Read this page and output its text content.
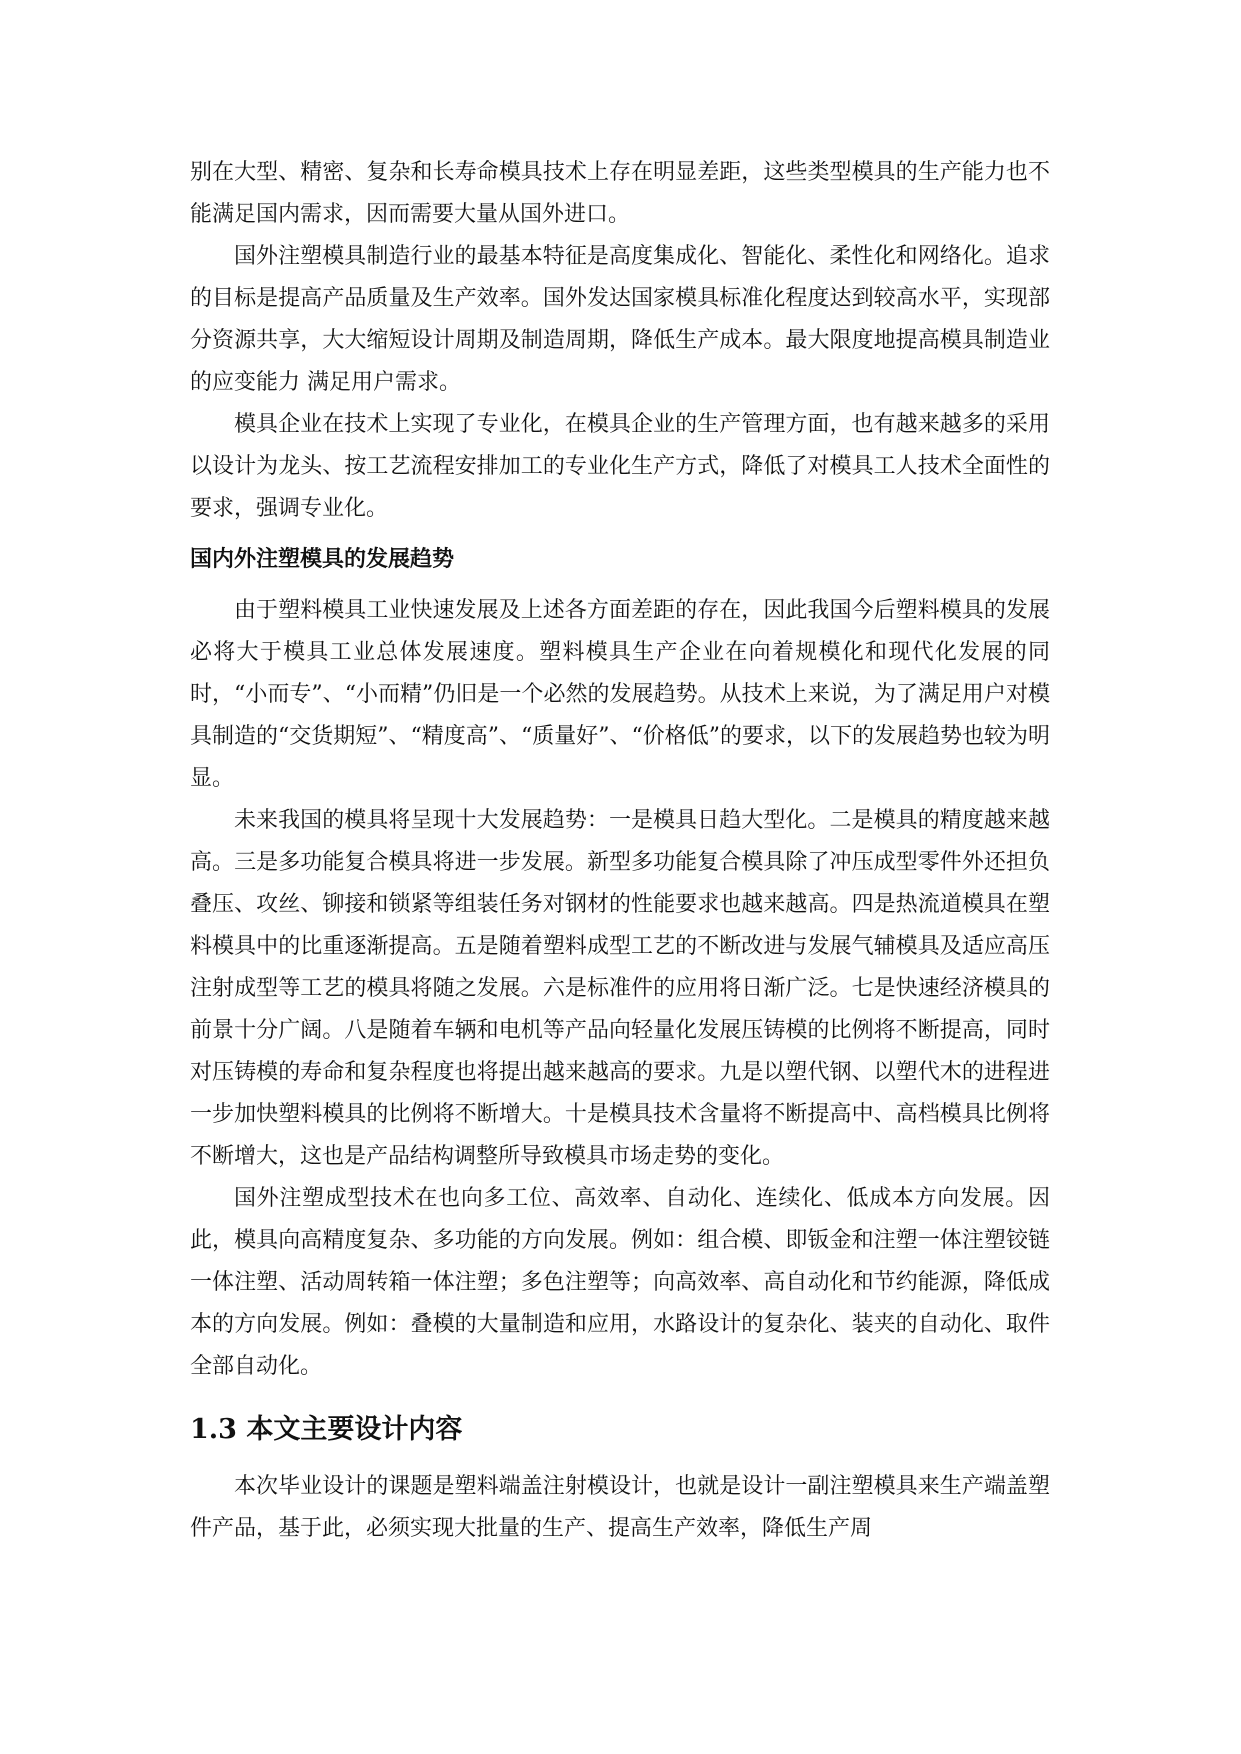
别在大型、精密、复杂和长寿命模具技术上存在明显差距，这些类型模具的生产能力也不能满足国内需求，因而需要大量从国外进口。

国外注塑模具制造行业的最基本特征是高度集成化、智能化、柔性化和网络化。追求的目标是提高产品质量及生产效率。国外发达国家模具标准化程度达到较高水平，实现部分资源共享，大大缩短设计周期及制造周期，降低生产成本。最大限度地提高模具制造业的应变能力 满足用户需求。

模具企业在技术上实现了专业化，在模具企业的生产管理方面，也有越来越多的采用以设计为龙头、按工艺流程安排加工的专业化生产方式，降低了对模具工人技术全面性的要求，强调专业化。

国内外注塑模具的发展趋势

由于塑料模具工业快速发展及上述各方面差距的存在，因此我国今后塑料模具的发展必将大于模具工业总体发展速度。塑料模具生产企业在向着规模化和现代化发展的同时，“小而专”、“小而精”仍旧是一个必然的发展趋势。从技术上来说，为了满足用户对模具制造的“交货期短”、“精度高”、“质量好”、“价格低”的要求，以下的发展趋势也较为明显。

未来我国的模具将呈现十大发展趋势：一是模具日趋大型化。二是模具的精度越来越高。三是多功能复合模具将进一步发展。新型多功能复合模具除了冲压成型零件外还担负叠压、攻丝、铆接和锁紧等组装任务对钢材的性能要求也越来越高。四是热流道模具在塑料模具中的比重逐渐提高。五是随着塑料成型工艺的不断改进与发展气辅模具及适应高压注射成型等工艺的模具将随之发展。六是标准件的应用将日渐广泛。七是快速经济模具的前景十分广阔。八是随着车辆和电机等产品向轻量化发展压铸模的比例将不断提高，同时对压铸模的寿命和复杂程度也将提出越来越高的要求。九是以塑代钢、以塑代木的进程进一步加快塑料模具的比例将不断增大。十是模具技术含量将不断提高中、高档模具比例将不断增大，这也是产品结构调整所导致模具市场走势的变化。

国外注塑成型技术在也向多工位、高效率、自动化、连续化、低成本方向发展。因此，模具向高精度复杂、多功能的方向发展。例如：组合模、即钣金和注塑一体注塑铰链一体注塑、活动周转箱一体注塑；多色注塑等；向高效率、高自动化和节约能源，降低成本的方向发展。例如：叠模的大量制造和应用，水路设计的复杂化、装夹的自动化、取件全部自动化。

1.3 本文主要设计内容

本次毕业设计的课题是塑料端盖注射模设计，也就是设计一副注塑模具来生产端盖塑件产品，基于此，必须实现大批量的生产、提高生产效率，降低生产周
